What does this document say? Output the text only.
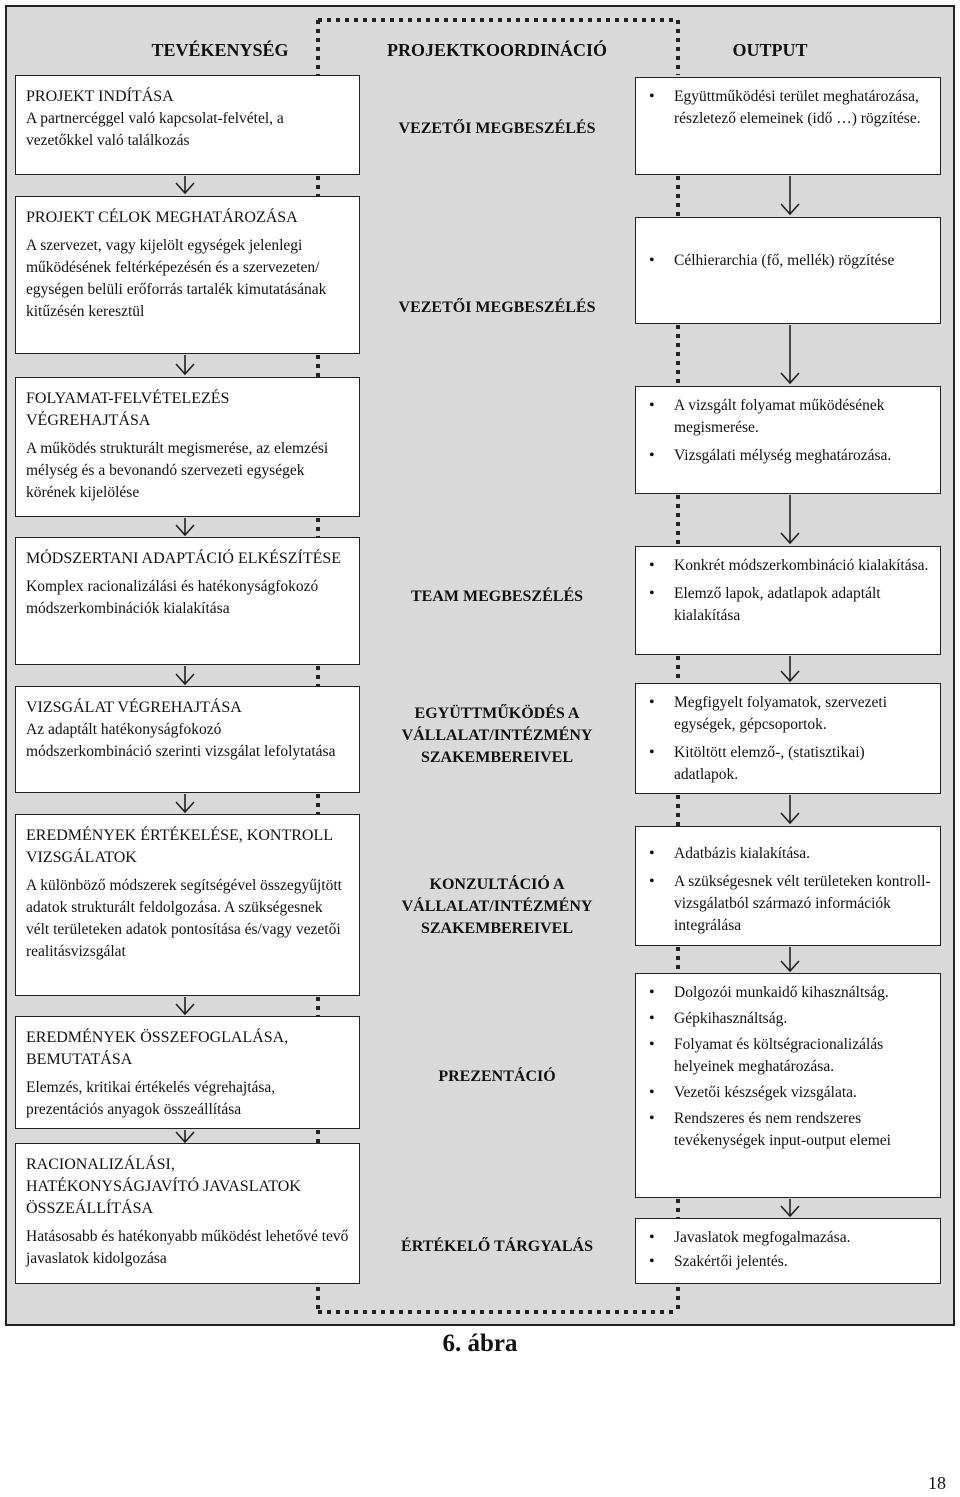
TEVÉKENYSÉG	PROJEKTKOORDINÁCIÓ	OUTPUT
PROJEKT INDÍTÁSA
A partnercéggel való kapcsolat-felvétel, a vezetőkkel való találkozás
PROJEKT CÉLOK MEGHATÁROZÁSA
A szervezet, vagy kijelölt egységek jelenlegi működésének feltérképezésén és a szervezeten/ egységen belüli erőforrás tartalék kimutatásának kitűzésén keresztül
FOLYAMAT-FELVÉTELEZÉS VÉGREHAJTÁSA
A működés strukturált megismerése, az elemzési mélység és a bevonandó szervezeti egységek körének kijelölése
MÓDSZERTANI ADAPTÁCIÓ ELKÉSZÍTÉSE
Komplex racionalizálási és hatékonyságfokozó módszerkombinációk kialakítása
VIZSGÁLAT VÉGREHAJTÁSA
Az adaptált hatékonyságfokozó módszerkombináció szerinti vizsgálat lefolytatása
EREDMÉNYEK ÉRTÉKELÉSE, KONTROLL VIZSGÁLATOK
A különböző módszerek segítségével összegyűjtött adatok strukturált feldolgozása. A szükségesnek vélt területeken adatok pontosítása és/vagy vezetői realitásvizsgálat
EREDMÉNYEK ÖSSZEFOGLALÁSA, BEMUTATÁSA
Elemzés, kritikai értékelés végrehajtása, prezentációs anyagok összeállítása
RACIONALIZÁLÁSI, HATÉKONYSÁGJAVÍTÓ JAVASLATOK ÖSSZEÁLLÍTÁSA
Hatásosabb és hatékonyabb működést lehetővé tevő javaslatok kidolgozása
VEZETŐI MEGBESZÉLÉS
VEZETŐI MEGBESZÉLÉS
TEAM MEGBESZÉLÉS
EGYÜTTMŰKÖDÉS A VÁLLALAT/INTÉZMÉNY SZAKEMBEREIVEL
KONZULTÁCIÓ A VÁLLALAT/INTÉZMÉNY SZAKEMBEREIVEL
PREZENTÁCIÓ
ÉRTÉKELŐ TÁRGYALÁS
• Együttműködési terület meghatározása, részletező elemeinek (idő …) rögzítése.
• Célhierarchia (fő, mellék) rögzítése
• A vizsgált folyamat működésének megismerése.
• Vizsgálati mélység meghatározása.
• Konkrét módszerkombináció kialakítása.
• Elemző lapok, adatlapok adaptált kialakítása
• Megfigyelt folyamatok, szervezeti egységek, gépcsoportok.
• Kitöltött elemző-, (statisztikai) adatlapok.
• Adatbázis kialakítása.
• A szükségesnek vélt területeken kontroll-vizsgálatból származó információk integrálása
• Dolgozói munkaidő kihasználtság.
• Gépkihasználtság.
• Folyamat és költségracionalizálás helyeinek meghatározása.
• Vezetői készségek vizsgálata.
• Rendszeres és nem rendszeres tevékenységek input-output elemei
• Javaslatok megfogalmazása.
• Szakértői jelentés.
6. ábra
18
